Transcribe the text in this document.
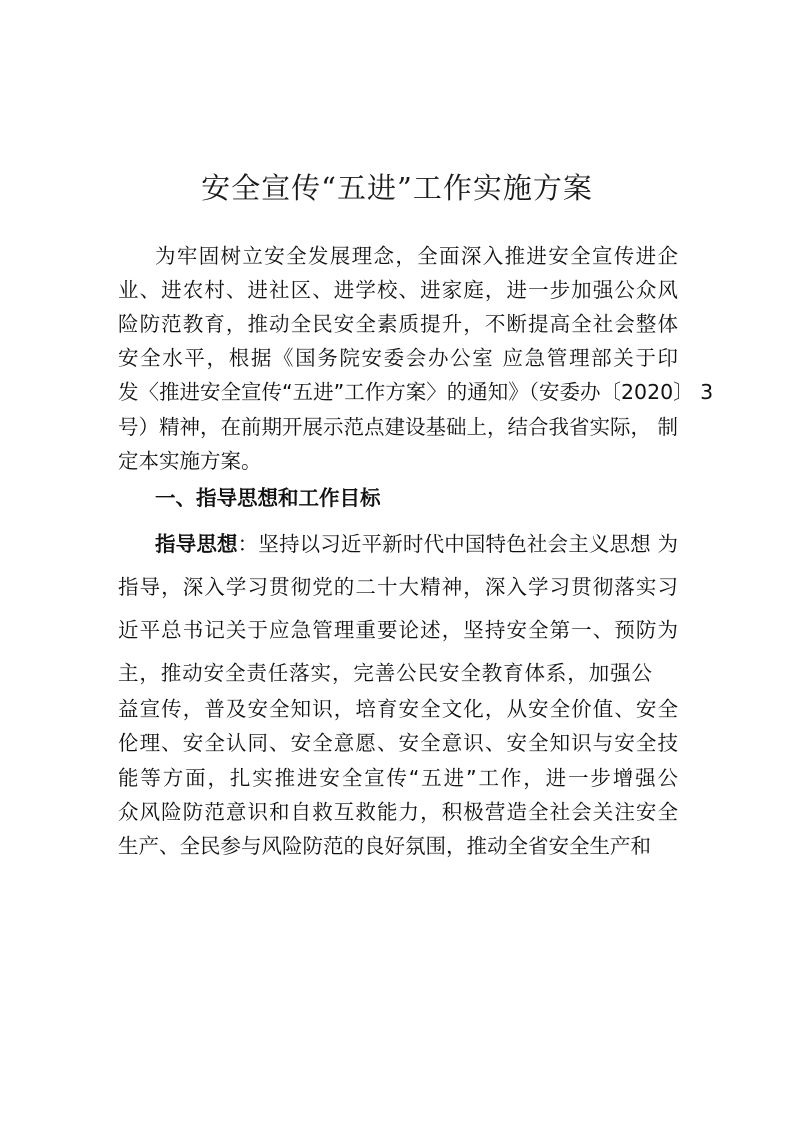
安全宣传“五进”工作实施方案
为牢固树立安全发展理念，全面深入推进安全宣传进企
业、进农村、进社区、进学校、进家庭，进一步加强公众风
险防范教育，推动全民安全素质提升，不断提高全社会整体
安全水平，根据《国务院安委会办公室 应急管理部关于印
发〈推进安全宣传“五进”工作方案〉的通知》（安委办〔2020〕 3
号）精神，在前期开展示范点建设基础上，结合我省实际， 制
定本实施方案。
一、指导思想和工作目标
指导思想：坚持以习近平新时代中国特色社会主义思想 为
指导，深入学习贯彻党的二十大精神，深入学习贯彻落实习
近平总书记关于应急管理重要论述，坚持安全第一、预防为
主，推动安全责任落实，完善公民安全教育体系，加强公
益宣传，普及安全知识，培育安全文化，从安全价值、安全
伦理、安全认同、安全意愿、安全意识、安全知识与安全技
能等方面，扎实推进安全宣传“五进”工作，进一步增强公
众风险防范意识和自救互救能力，积极营造全社会关注安全
生产、全民参与风险防范的良好氛围，推动全省安全生产和
